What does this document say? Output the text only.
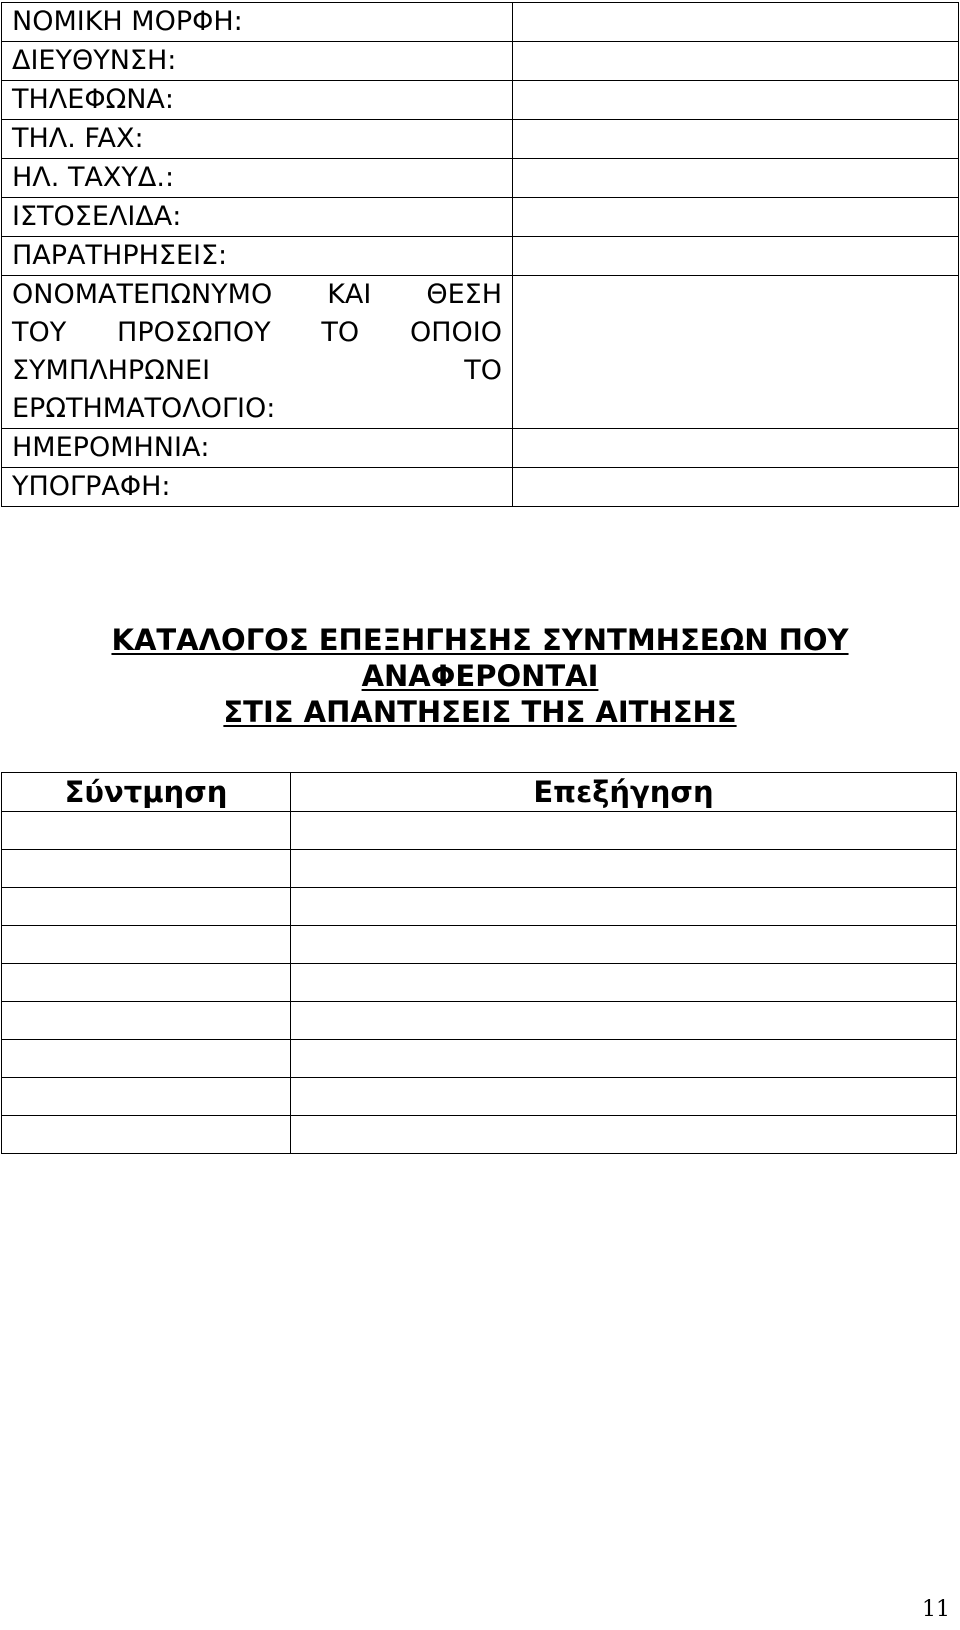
ΝΟΜΙΚΗ ΜΟΡΦΗ:	
ΔΙΕΥΘΥΝΣΗ:	
ΤΗΛΕΦΩΝΑ:	
ΤΗΛ. FAX:	
ΗΛ. ΤΑΧΥΔ.:	
ΙΣΤΟΣΕΛΙΔΑ:	
ΠΑΡΑΤΗΡΗΣΕΙΣ:	

ΟΝΟΜΑΤΕΠΩΝΥΜΟ ΚΑΙ ΘΕΣΗ
ΤΟΥ ΠΡΟΣΩΠΟΥ ΤΟ ΟΠΟΙΟ
ΣΥΜΠΛΗΡΩΝΕΙ ΤΟ
ΕΡΩΤΗΜΑΤΟΛΟΓΙΟ:	

ΗΜΕΡΟΜΗΝΙΑ:	
ΥΠΟΓΡΑΦΗ:	
ΚΑΤΑΛΟΓΟΣ ΕΠΕΞΗΓΗΣΗΣ ΣΥΝΤΜΗΣΕΩΝ ΠΟΥ
ΑΝΑΦΕΡΟΝΤΑΙ
ΣΤΙΣ ΑΠΑΝΤΗΣΕΙΣ ΤΗΣ ΑΙΤΗΣΗΣ
Σύντμηση	Επεξήγηση

11
